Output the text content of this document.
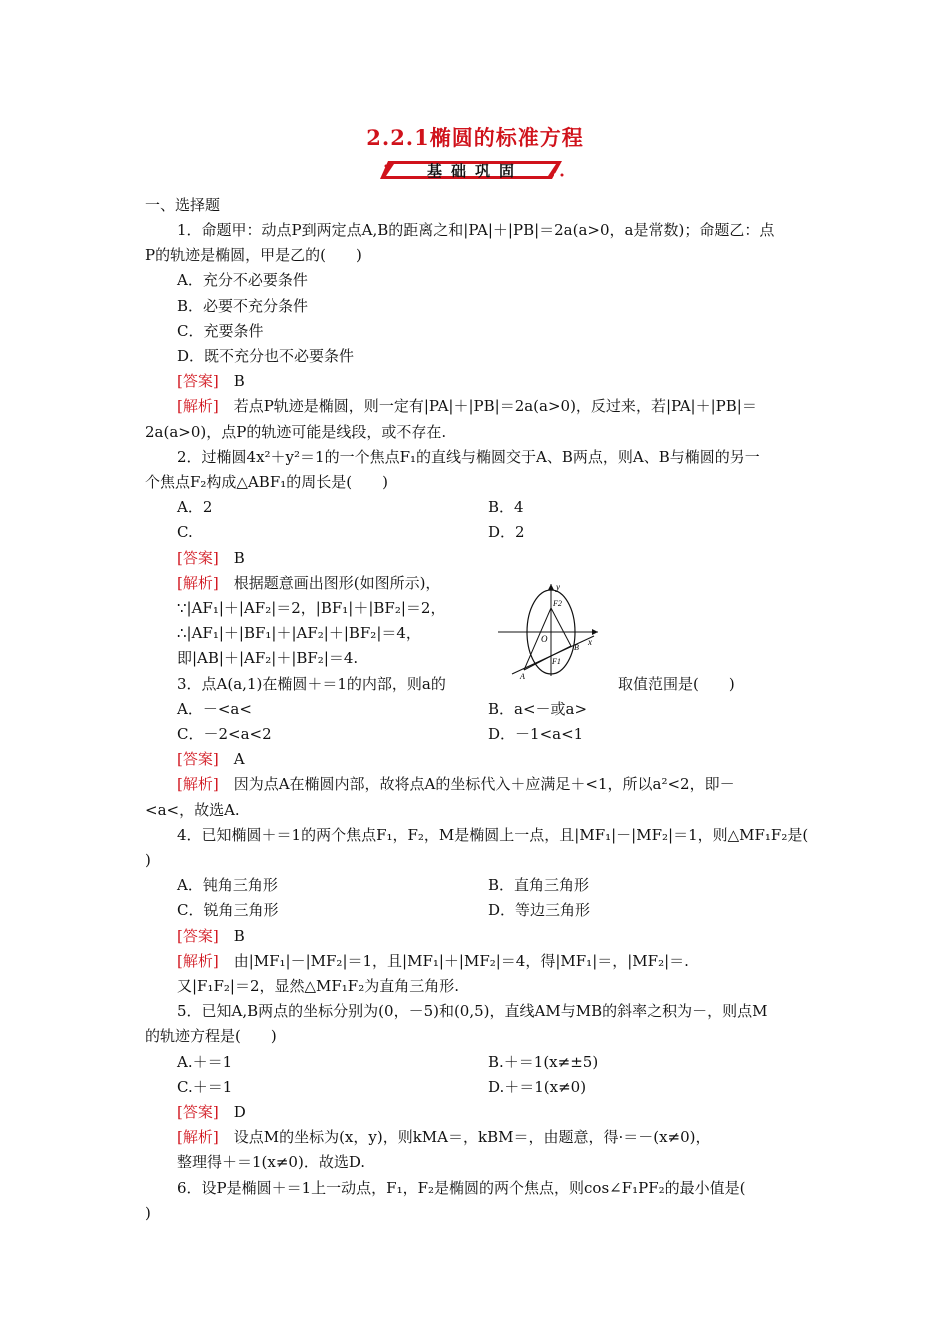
2.2.1椭圆的标准方程
基础巩固
一、选择题
1．命题甲：动点P到两定点A,B的距离之和|PA|＋|PB|＝2a(a>0，a是常数)；命题乙：点
P的轨迹是椭圆，甲是乙的(　　)
A．充分不必要条件
B．必要不充分条件
C．充要条件
D．既不充分也不必要条件
[答案]　B
[解析]　若点P轨迹是椭圆，则一定有|PA|＋|PB|＝2a(a>0)，反过来，若|PA|＋|PB|＝
2a(a>0)，点P的轨迹可能是线段，或不存在.
2．过椭圆4x²＋y²＝1的一个焦点F₁的直线与椭圆交于A、B两点，则A、B与椭圆的另一
个焦点F₂构成△ABF₁的周长是(　　)
A．2	B．4
C.	D．2
[答案]　B
[解析]　根据题意画出图形(如图所示)，
∵|AF₁|＋|AF₂|＝2，|BF₁|＋|BF₂|＝2，
∴|AF₁|＋|BF₁|＋|AF₂|＋|BF₂|＝4，
即|AB|＋|AF₂|＋|BF₂|＝4.
3．点A(a,1)在椭圆＋＝1的内部，则a的	取值范围是(　　)
A．－<a<	B．a<－或a>
C．－2<a<2	D．－1<a<1
[答案]　A
[解析]　因为点A在椭圆内部，故将点A的坐标代入＋应满足＋<1，所以a²<2，即－
<a<，故选A.
4．已知椭圆＋＝1的两个焦点F₁，F₂，M是椭圆上一点，且|MF₁|－|MF₂|＝1，则△MF₁F₂是(
)
A．钝角三角形	B．直角三角形
C．锐角三角形	D．等边三角形
[答案]　B
[解析]　由|MF₁|－|MF₂|＝1，且|MF₁|＋|MF₂|＝4，得|MF₁|＝，|MF₂|＝.
又|F₁F₂|＝2，显然△MF₁F₂为直角三角形.
5．已知A,B两点的坐标分别为(0，－5)和(0,5)，直线AM与MB的斜率之积为－，则点M
的轨迹方程是(　　)
A.＋＝1	B.＋＝1(x≠±5)
C.＋＝1	D.＋＝1(x≠0)
[答案]　D
[解析]　设点M的坐标为(x，y)，则kMA＝，kBM＝，由题意，得·＝－(x≠0)，
整理得＋＝1(x≠0)．故选D.
6．设P是椭圆＋＝1上一动点，F₁，F₂是椭圆的两个焦点，则cos∠F₁PF₂的最小值是(
)
y
x
O
F2
F1
A
B
